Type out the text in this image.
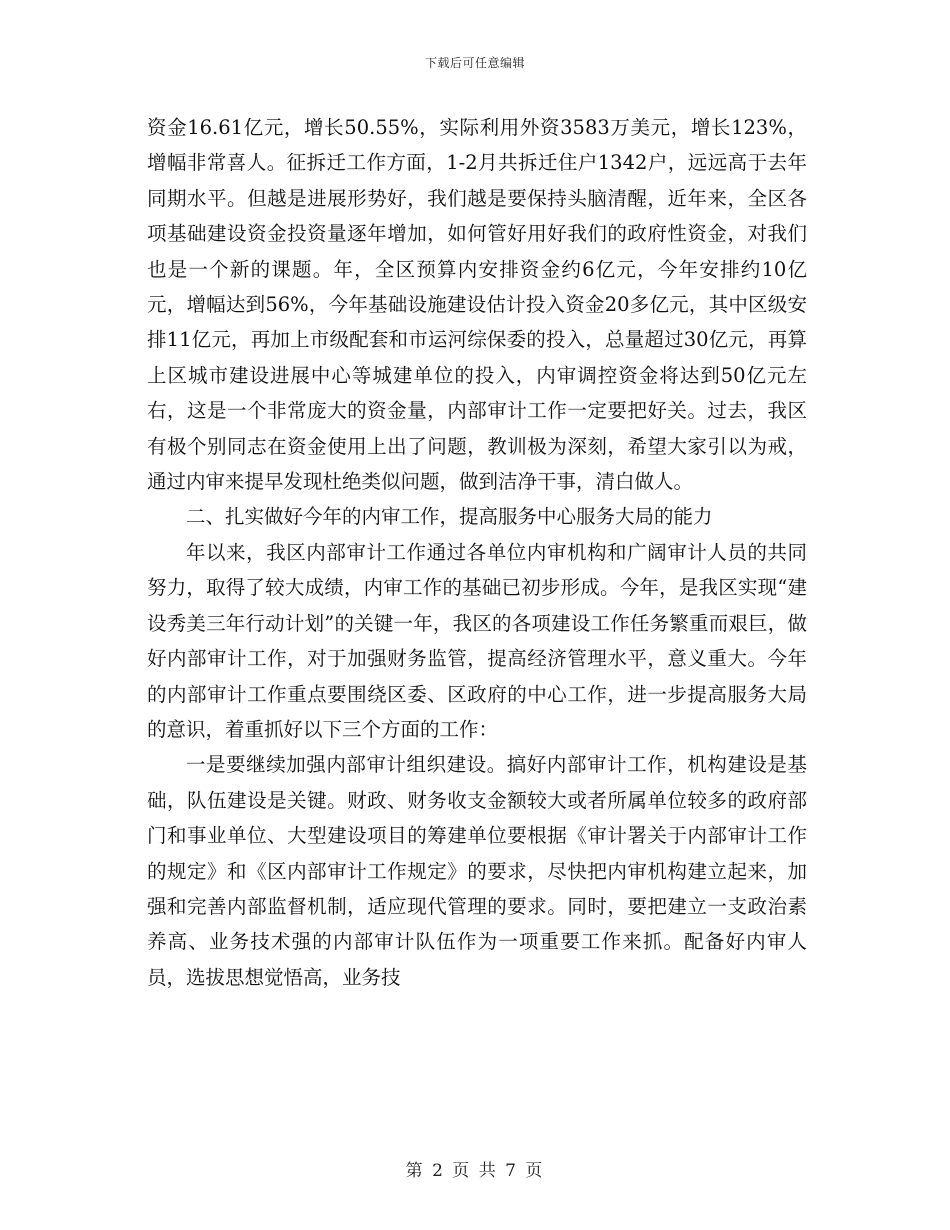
下载后可任意编辑

资金16.61亿元，增长50.55%，实际利用外资3583万美元，增长123%，增幅非常喜人。征拆迁工作方面，1-2月共拆迁住户1342户，远远高于去年同期水平。但越是进展形势好，我们越是要保持头脑清醒，近年来，全区各项基础建设资金投资量逐年增加，如何管好用好我们的政府性资金，对我们也是一个新的课题。年，全区预算内安排资金约6亿元，今年安排约10亿元，增幅达到56%，今年基础设施建设估计投入资金20多亿元，其中区级安排11亿元，再加上市级配套和市运河综保委的投入，总量超过30亿元，再算上区城市建设进展中心等城建单位的投入，内审调控资金将达到50亿元左右，这是一个非常庞大的资金量，内部审计工作一定要把好关。过去，我区有极个别同志在资金使用上出了问题，教训极为深刻，希望大家引以为戒，通过内审来提早发现杜绝类似问题，做到洁净干事，清白做人。

二、扎实做好今年的内审工作，提高服务中心服务大局的能力

年以来，我区内部审计工作通过各单位内审机构和广阔审计人员的共同努力，取得了较大成绩，内审工作的基础已初步形成。今年，是我区实现“建设秀美三年行动计划”的关键一年，我区的各项建设工作任务繁重而艰巨，做好内部审计工作，对于加强财务监管，提高经济管理水平，意义重大。今年的内部审计工作重点要围绕区委、区政府的中心工作，进一步提高服务大局的意识，着重抓好以下三个方面的工作：

一是要继续加强内部审计组织建设。搞好内部审计工作，机构建设是基础，队伍建设是关键。财政、财务收支金额较大或者所属单位较多的政府部门和事业单位、大型建设项目的筹建单位要根据《审计署关于内部审计工作的规定》和《区内部审计工作规定》的要求，尽快把内审机构建立起来，加强和完善内部监督机制，适应现代管理的要求。同时，要把建立一支政治素养高、业务技术强的内部审计队伍作为一项重要工作来抓。配备好内审人员，选拔思想觉悟高，业务技

第 2 页 共 7 页
